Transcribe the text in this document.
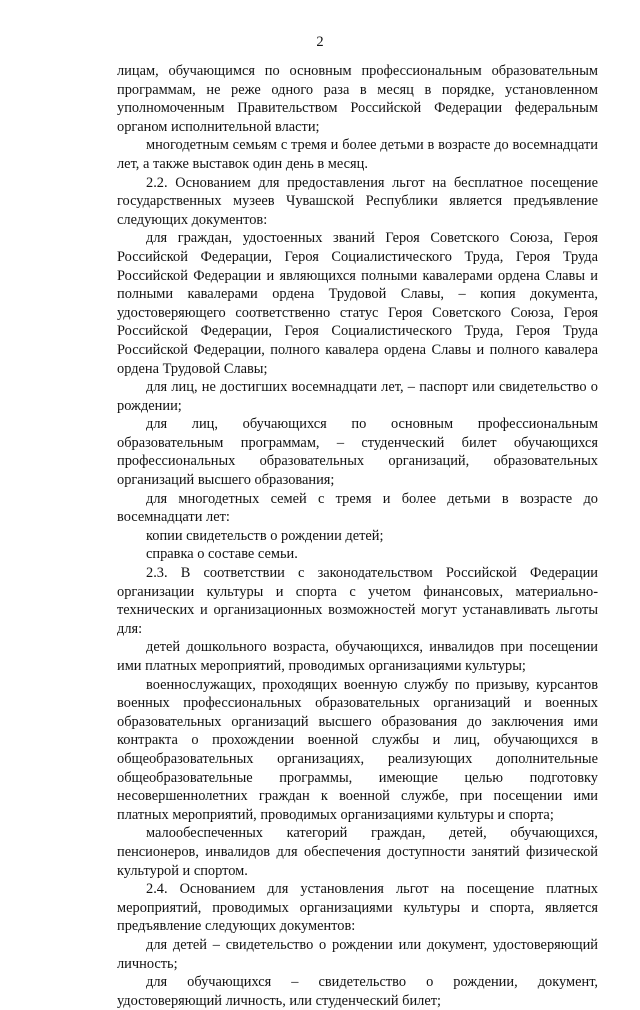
2

лицам, обучающимся по основным профессиональным образовательным программам, не реже одного раза в месяц в порядке, установленном уполномоченным Правительством Российской Федерации федеральным органом исполнительной власти;

многодетным семьям с тремя и более детьми в возрасте до восемнадцати лет, а также выставок один день в месяц.

2.2. Основанием для предоставления льгот на бесплатное посещение государственных музеев Чувашской Республики является предъявление следующих документов:

для граждан, удостоенных званий Героя Советского Союза, Героя Российской Федерации, Героя Социалистического Труда, Героя Труда Российской Федерации и являющихся полными кавалерами ордена Славы и полными кавалерами ордена Трудовой Славы, – копия документа, удостоверяющего соответственно статус Героя Советского Союза, Героя Российской Федерации, Героя Социалистического Труда, Героя Труда Российской Федерации, полного кавалера ордена Славы и полного кавалера ордена Трудовой Славы;

для лиц, не достигших восемнадцати лет, – паспорт или свидетельство о рождении;

для лиц, обучающихся по основным профессиональным образовательным программам, – студенческий билет обучающихся профессиональных образовательных организаций, образовательных организаций высшего образования;

для многодетных семей с тремя и более детьми в возрасте до восемнадцати лет:

копии свидетельств о рождении детей;

справка о составе семьи.

2.3. В соответствии с законодательством Российской Федерации организации культуры и спорта с учетом финансовых, материально-технических и организационных возможностей могут устанавливать льготы для:

детей дошкольного возраста, обучающихся, инвалидов при посещении ими платных мероприятий, проводимых организациями культуры;

военнослужащих, проходящих военную службу по призыву, курсантов военных профессиональных образовательных организаций и военных образовательных организаций высшего образования до заключения ими контракта о прохождении военной службы и лиц, обучающихся в общеобразовательных организациях, реализующих дополнительные общеобразовательные программы, имеющие целью подготовку несовершеннолетних граждан к военной службе, при посещении ими платных мероприятий, проводимых организациями культуры и спорта;

малообеспеченных категорий граждан, детей, обучающихся, пенсионеров, инвалидов для обеспечения доступности занятий физической культурой и спортом.

2.4. Основанием для установления льгот на посещение платных мероприятий, проводимых организациями культуры и спорта, является предъявление следующих документов:

для детей – свидетельство о рождении или документ, удостоверяющий личность;

для обучающихся – свидетельство о рождении, документ, удостоверяющий личность, или студенческий билет;
